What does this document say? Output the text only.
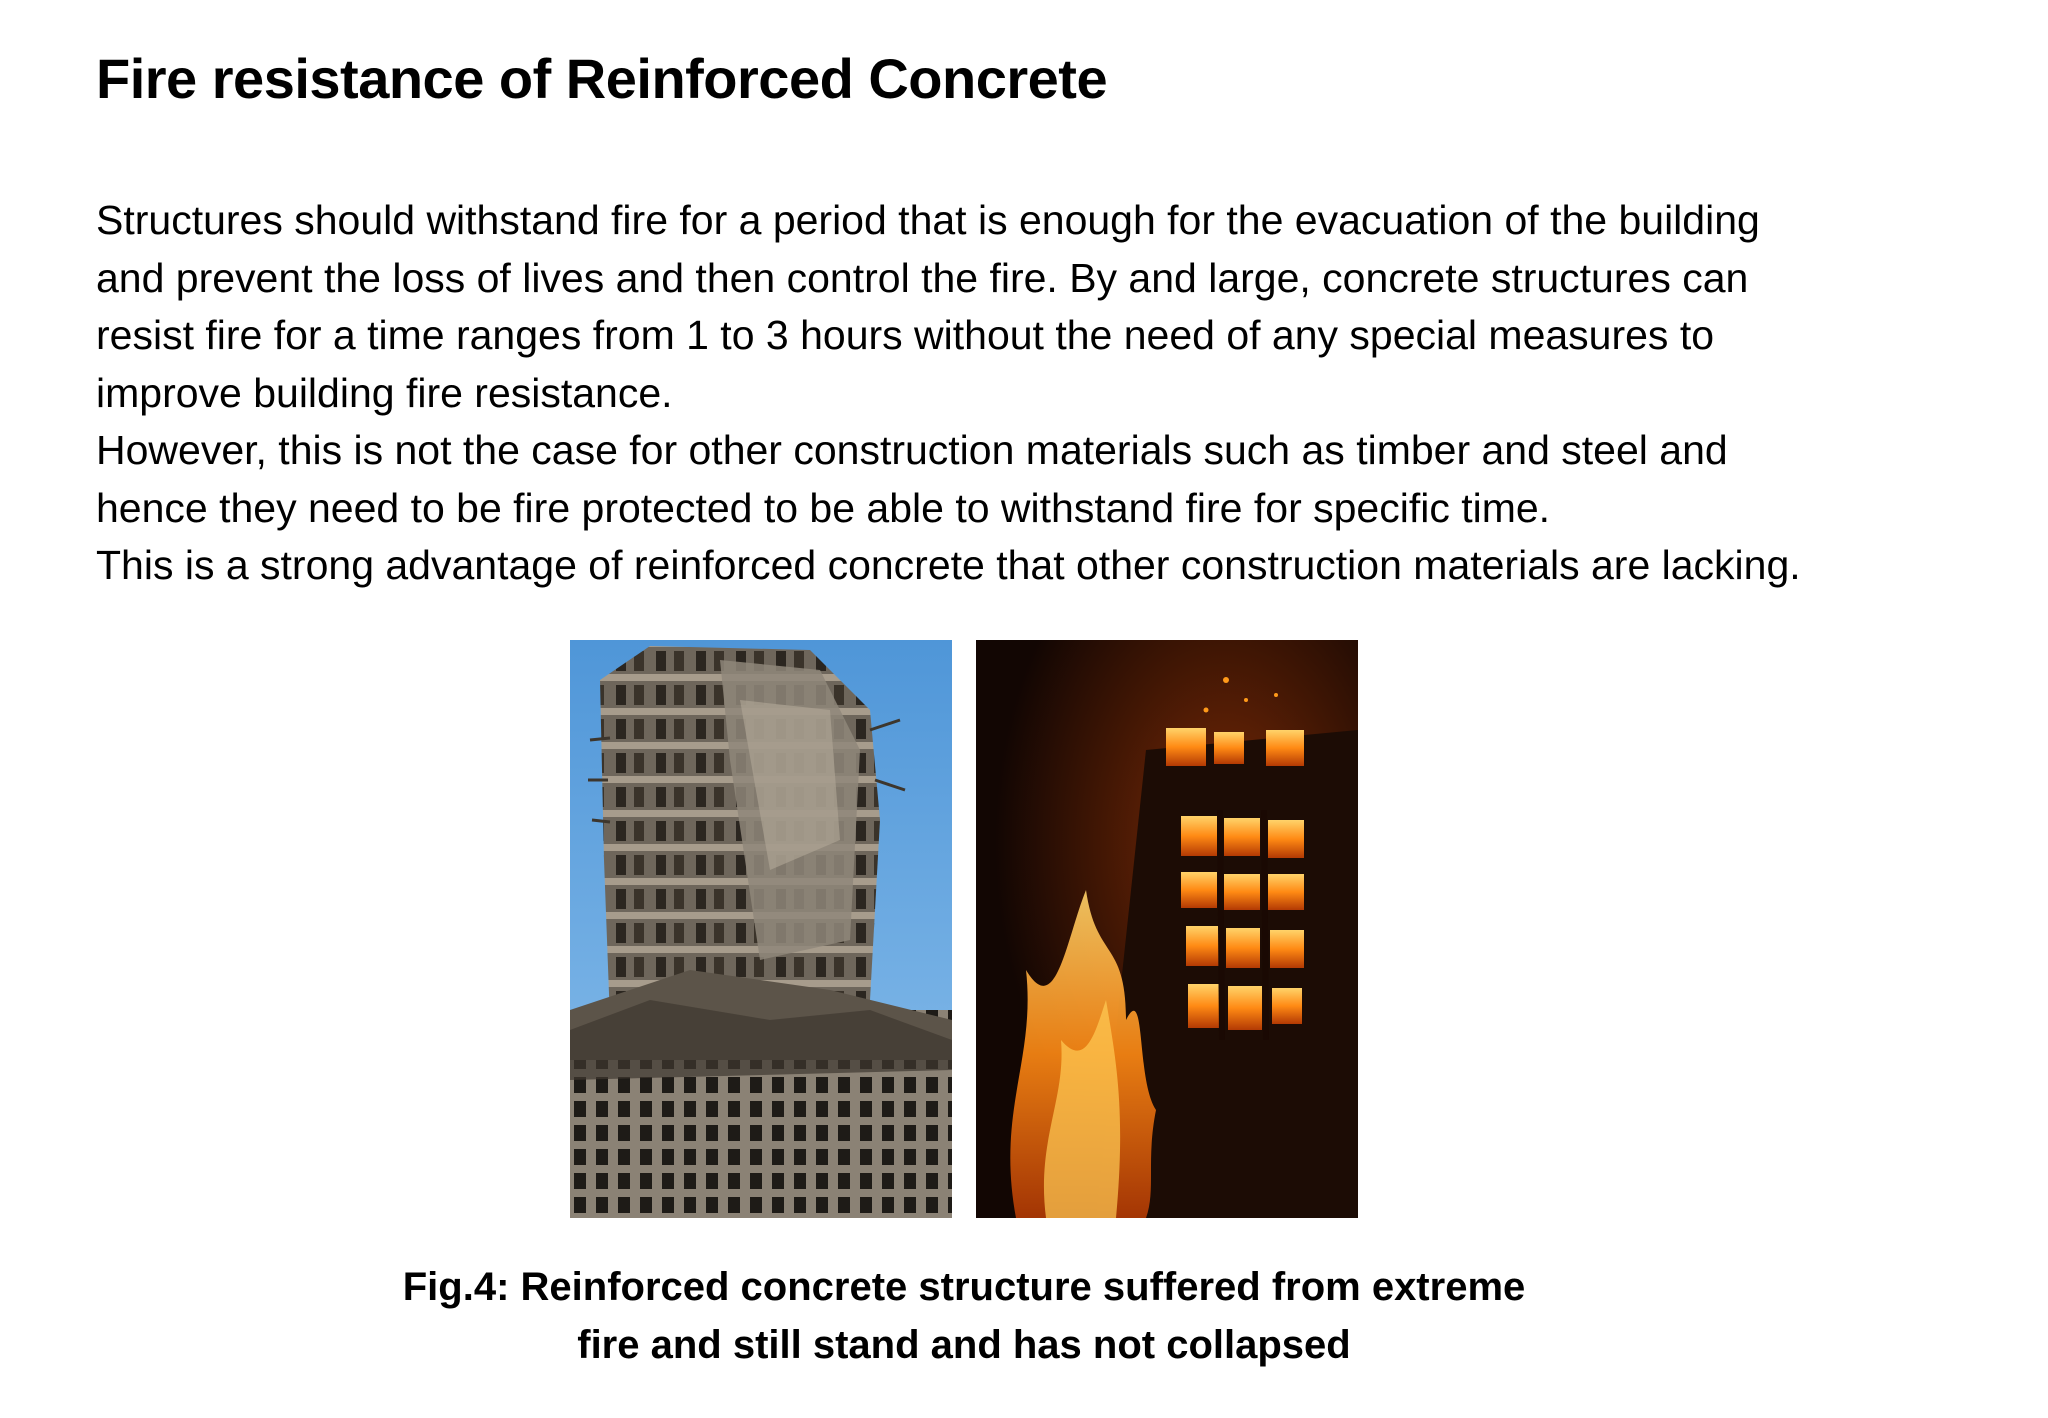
Fire resistance of Reinforced Concrete

Structures should withstand fire for a period that is enough for the evacuation of the building

and prevent the loss of lives and then control the fire. By and large, concrete structures can

resist fire for a time ranges from 1 to 3 hours without the need of any special measures to

improve building fire resistance.

However, this is not the case for other construction materials such as timber and steel and

hence they need to be fire protected to be able to withstand fire for specific time.

This is a strong advantage of reinforced concrete that other construction materials are lacking.

Fig.4: Reinforced concrete structure suffered from extreme
fire and still stand and has not collapsed
